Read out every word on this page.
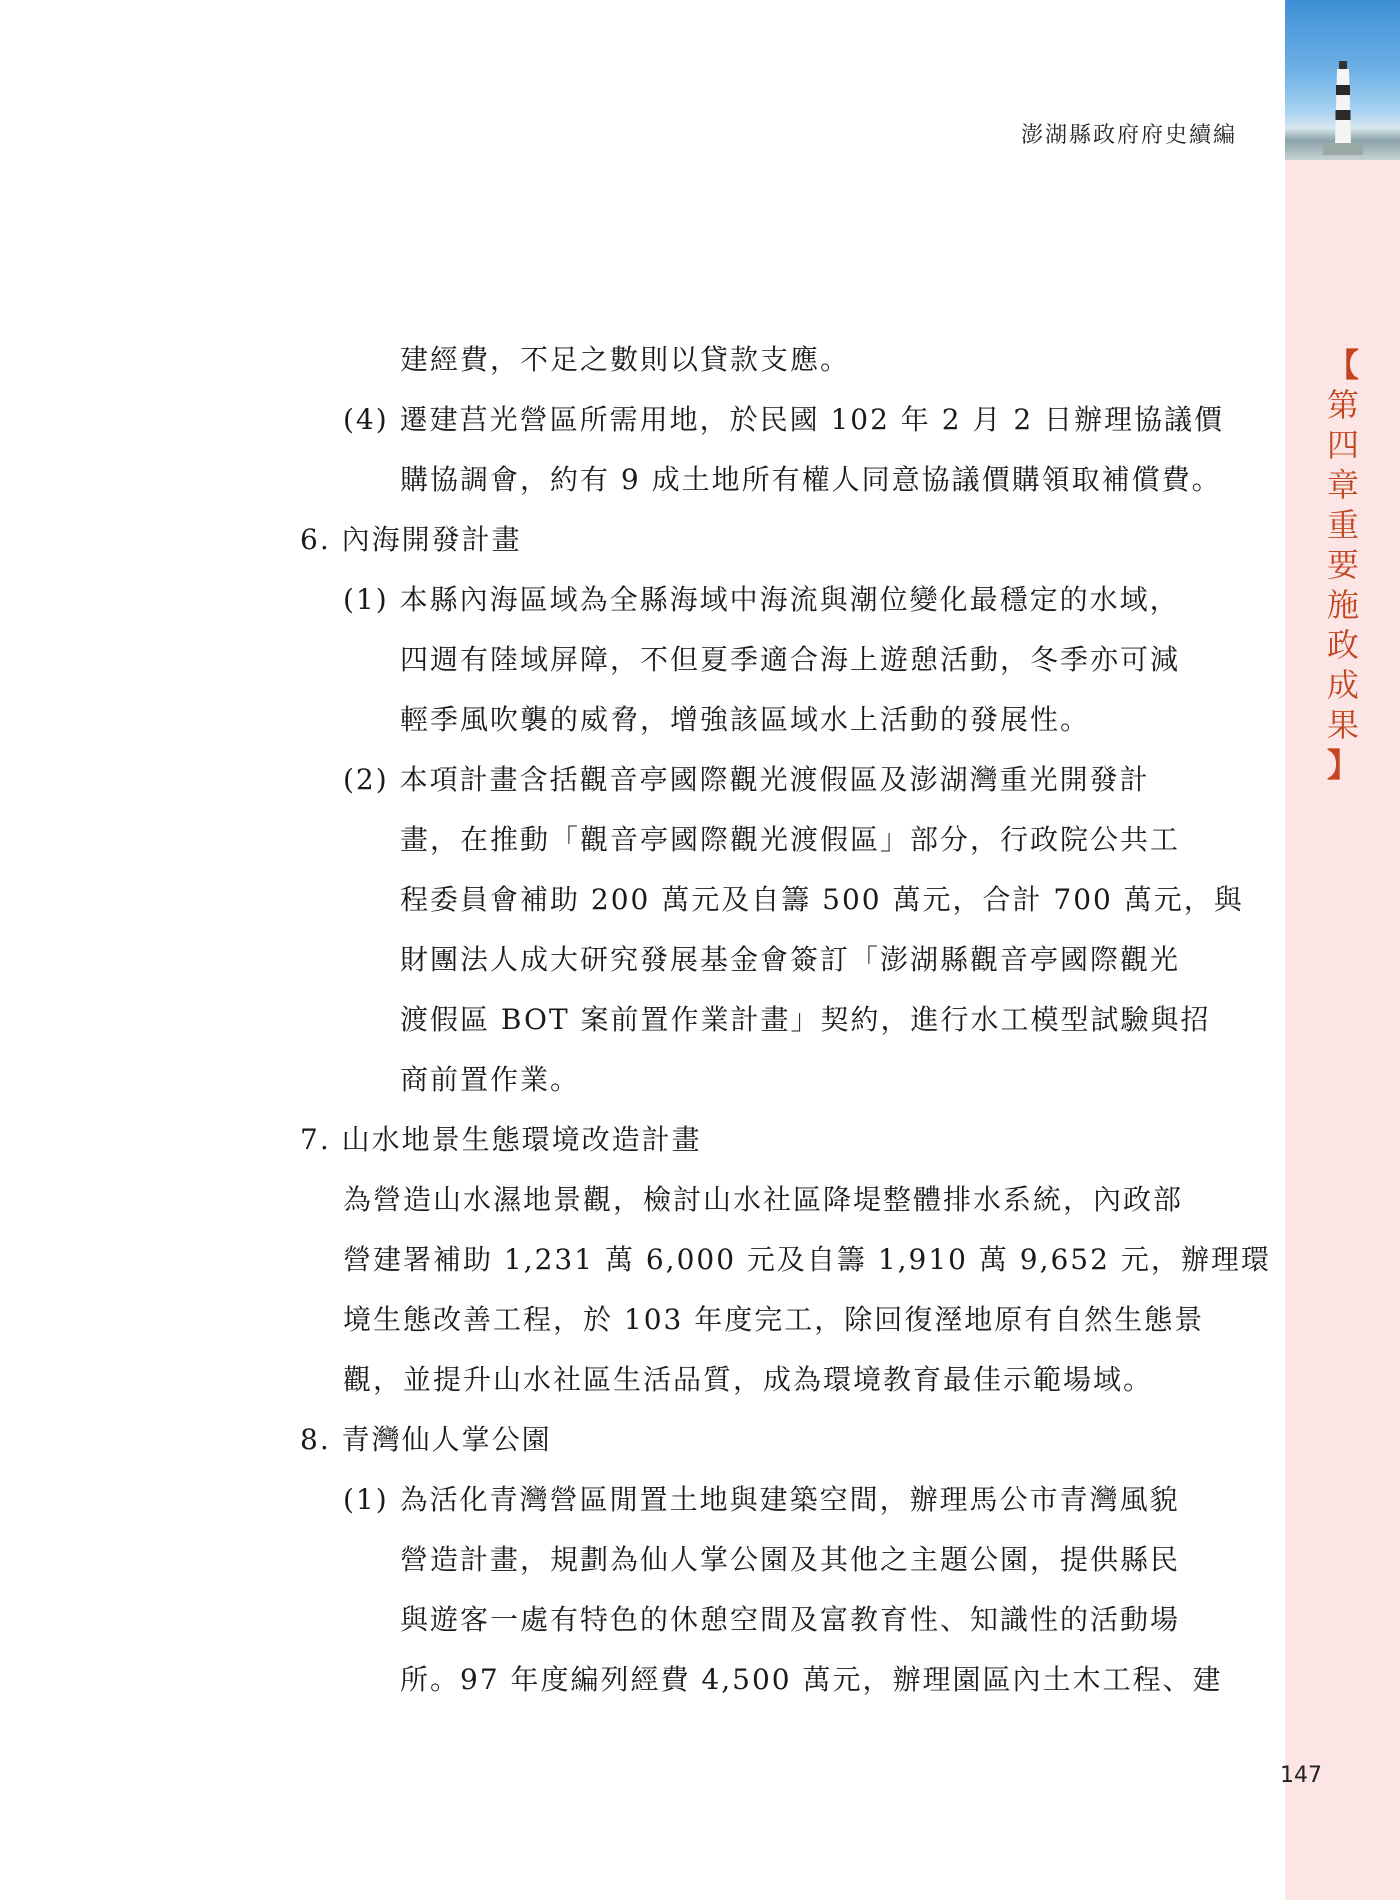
澎湖縣政府府史續編
【
第
四
章
重
要
施
政
成
果
】
建經費，不足之數則以貸款支應。
(4) 遷建莒光營區所需用地，於民國 102 年 2 月 2 日辦理協議價
購協調會，約有 9 成土地所有權人同意協議價購領取補償費。
6. 內海開發計畫
(1) 本縣內海區域為全縣海域中海流與潮位變化最穩定的水域，
四週有陸域屏障，不但夏季適合海上遊憩活動，冬季亦可減
輕季風吹襲的威脅，增強該區域水上活動的發展性。
(2) 本項計畫含括觀音亭國際觀光渡假區及澎湖灣重光開發計
畫，在推動「觀音亭國際觀光渡假區」部分，行政院公共工
程委員會補助 200 萬元及自籌 500 萬元，合計 700 萬元，與
財團法人成大研究發展基金會簽訂「澎湖縣觀音亭國際觀光
渡假區 BOT 案前置作業計畫」契約，進行水工模型試驗與招
商前置作業。
7. 山水地景生態環境改造計畫
為營造山水濕地景觀，檢討山水社區降堤整體排水系統，內政部
營建署補助 1,231 萬 6,000 元及自籌 1,910 萬 9,652 元，辦理環
境生態改善工程，於 103 年度完工，除回復溼地原有自然生態景
觀，並提升山水社區生活品質，成為環境教育最佳示範場域。
8. 青灣仙人掌公園
(1) 為活化青灣營區閒置土地與建築空間，辦理馬公市青灣風貌
營造計畫，規劃為仙人掌公園及其他之主題公園，提供縣民
與遊客一處有特色的休憩空間及富教育性、知識性的活動場
所。97 年度編列經費 4,500 萬元，辦理園區內土木工程、建
147
